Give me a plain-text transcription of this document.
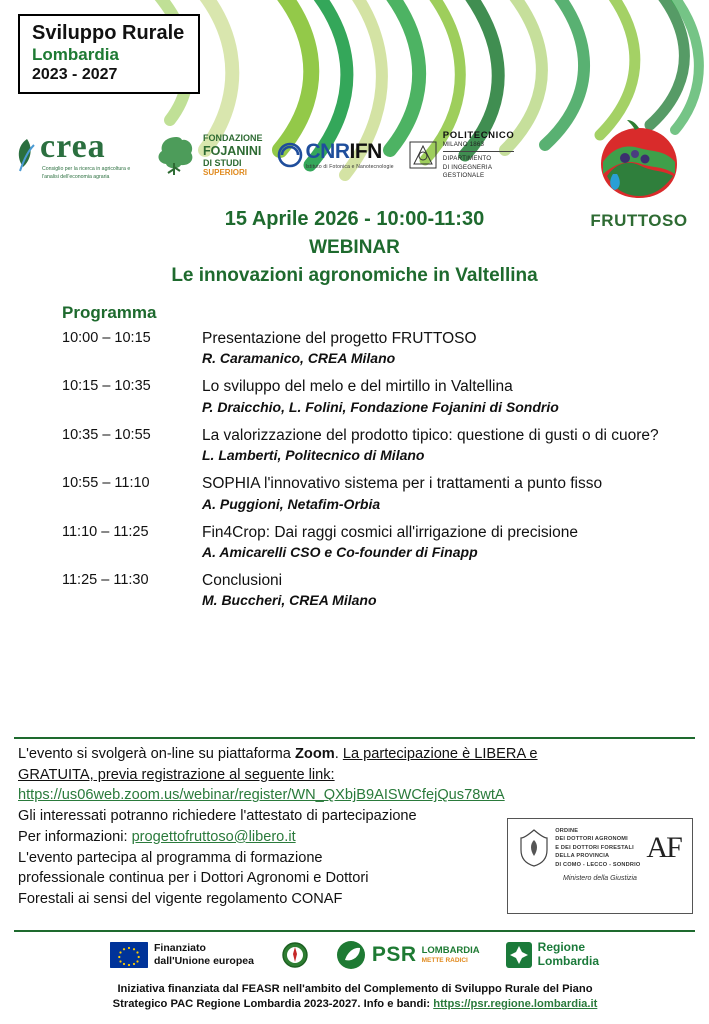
Sviluppo Rurale
Lombardia
2023 - 2027
crea
Consiglio per la ricerca in agricoltura e l'analisi dell'economia agraria
FONDAZIONE
FOJANINI
DI STUDI
SUPERIORI
CNRIFN
Istituto di Fotonica e Nanotecnologie
POLITECNICO
MILANO 1863
DIPARTIMENTO
DI INGEGNERIA
GESTIONALE
FRUTTOSO
15 Aprile 2026 - 10:00-11:30
WEBINAR
Le innovazioni agronomiche in Valtellina
Programma
10:00 – 10:15	Presentazione del progetto FRUTTOSO
R. Caramanico, CREA Milano
10:15 – 10:35	Lo sviluppo del melo e del mirtillo in Valtellina
P. Draicchio, L. Folini, Fondazione Fojanini di Sondrio
10:35 – 10:55	La valorizzazione del prodotto tipico: questione di gusti o di cuore?
L. Lamberti, Politecnico di Milano
10:55 – 11:10	SOPHIA l'innovativo sistema per i trattamenti a punto fisso
A. Puggioni, Netafim-Orbia
11:10 – 11:25	Fin4Crop: Dai raggi cosmici all'irrigazione di precisione
A. Amicarelli CSO e Co-founder di Finapp
11:25 – 11:30	Conclusioni
M. Buccheri, CREA Milano
L'evento si svolgerà on-line su piattaforma Zoom. La partecipazione è LIBERA e
GRATUITA, previa registrazione al seguente link:
https://us06web.zoom.us/webinar/register/WN_QXbjB9AISWCfejQus78wtA
Gli interessati potranno richiedere l'attestato di partecipazione
Per informazioni: progettofruttoso@libero.it
L'evento partecipa al programma di formazione
professionale continua per i Dottori Agronomi e Dottori
Forestali ai sensi del vigente regolamento CONAF
ORDINE
DEI DOTTORI AGRONOMI
E DEI DOTTORI FORESTALI
DELLA PROVINCIA
DI COMO - LECCO - SONDRIO
AF
Ministero della Giustizia
Finanziato
dall'Unione europea	PSR LOMBARDIA
METTE RADICI
Regione
Lombardia
Iniziativa finanziata dal FEASR nell'ambito del Complemento di Sviluppo Rurale del Piano
Strategico PAC Regione Lombardia 2023-2027. Info e bandi: https://psr.regione.lombardia.it
